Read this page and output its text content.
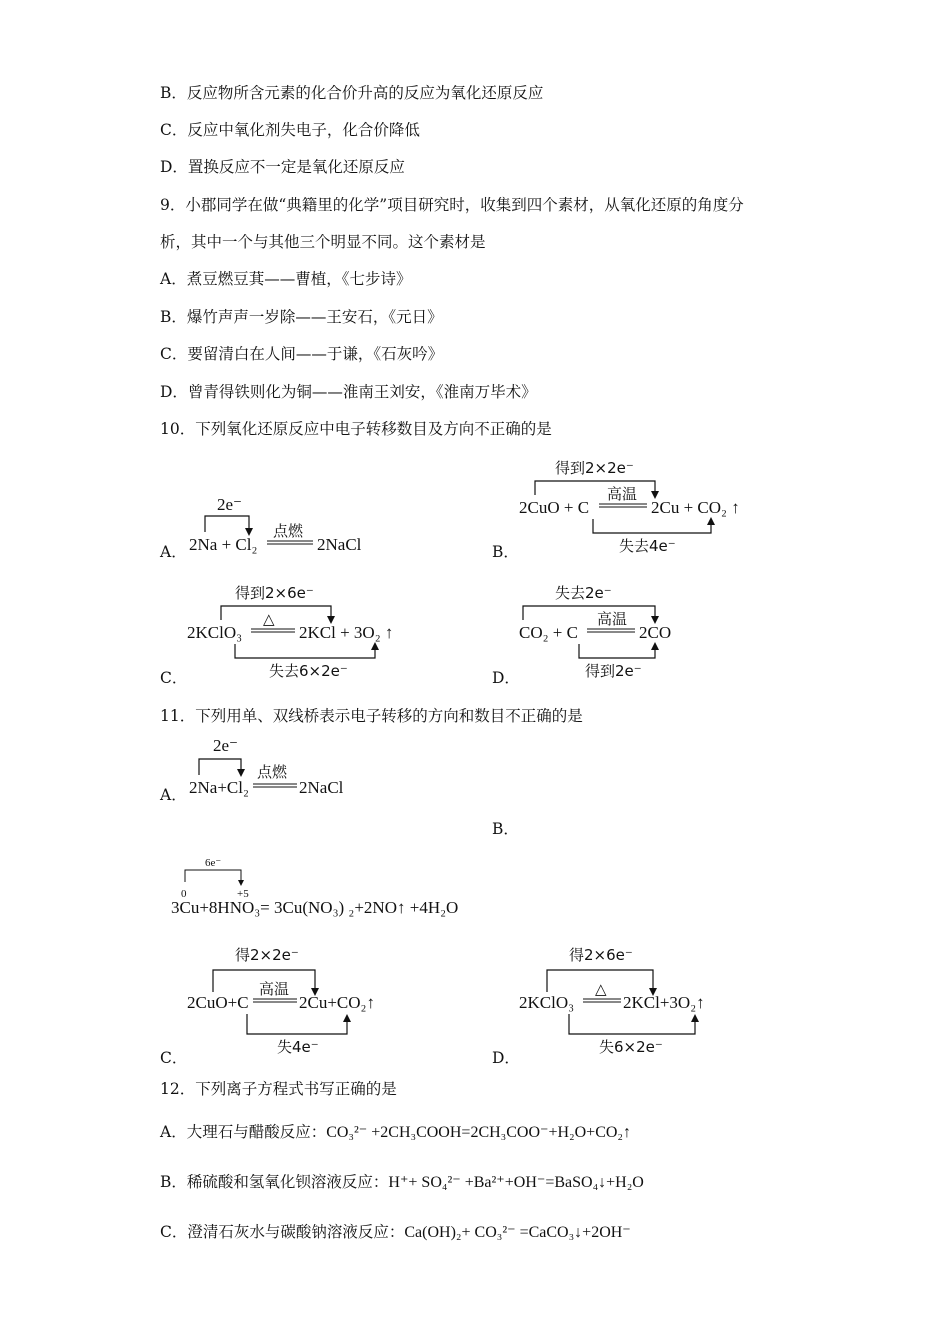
B．反应物所含元素的化合价升高的反应为氧化还原反应
C．反应中氧化剂失电子，化合价降低
D．置换反应不一定是氧化还原反应
9．小郡同学在做“典籍里的化学”项目研究时，收集到四个素材，从氧化还原的角度分
析，其中一个与其他三个明显不同。这个素材是
A．煮豆燃豆萁——曹植，《七步诗》
B．爆竹声声一岁除——王安石，《元日》
C．要留清白在人间——于谦，《石灰吟》
D．曾青得铁则化为铜——淮南王刘安，《淮南万毕术》
10．下列氧化还原反应中电子转移数目及方向不正确的是
A．
2e⁻
2Na + Cl₂
点燃
2NaCl	B．
得到2×2e⁻
2CuO + C
高温
2Cu + CO₂ ↑
失去4e⁻
C．
得到2×6e⁻
2KClO₃
△
2KCl + 3O₂ ↑
失去6×2e⁻	D．
失去2e⁻
CO₂ + C
高温
2CO
得到2e⁻
11．下列用单、双线桥表示电子转移的方向和数目不正确的是
A．
2e⁻
2Na+Cl₂
点燃
2NaCl
B．
6e⁻
0	+5
3Cu+8HNO₃= 3Cu(NO₃) ₂+2NO↑ +4H₂O
C．
得2×2e⁻
2CuO+C
高温
2Cu+CO₂↑
失4e⁻
D．
得2×6e⁻
2KClO₃
△
2KCl+3O₂↑
失6×2e⁻
12．下列离子方程式书写正确的是
A．大理石与醋酸反应：CO₃²⁻ +2CH₃COOH=2CH₃COO⁻+H₂O+CO₂↑
B．稀硫酸和氢氧化钡溶液反应：H⁺+ SO₄²⁻ +Ba²⁺+OH⁻=BaSO₄↓+H₂O
C．澄清石灰水与碳酸钠溶液反应：Ca(OH)₂+ CO₃²⁻ =CaCO₃↓+2OH⁻
